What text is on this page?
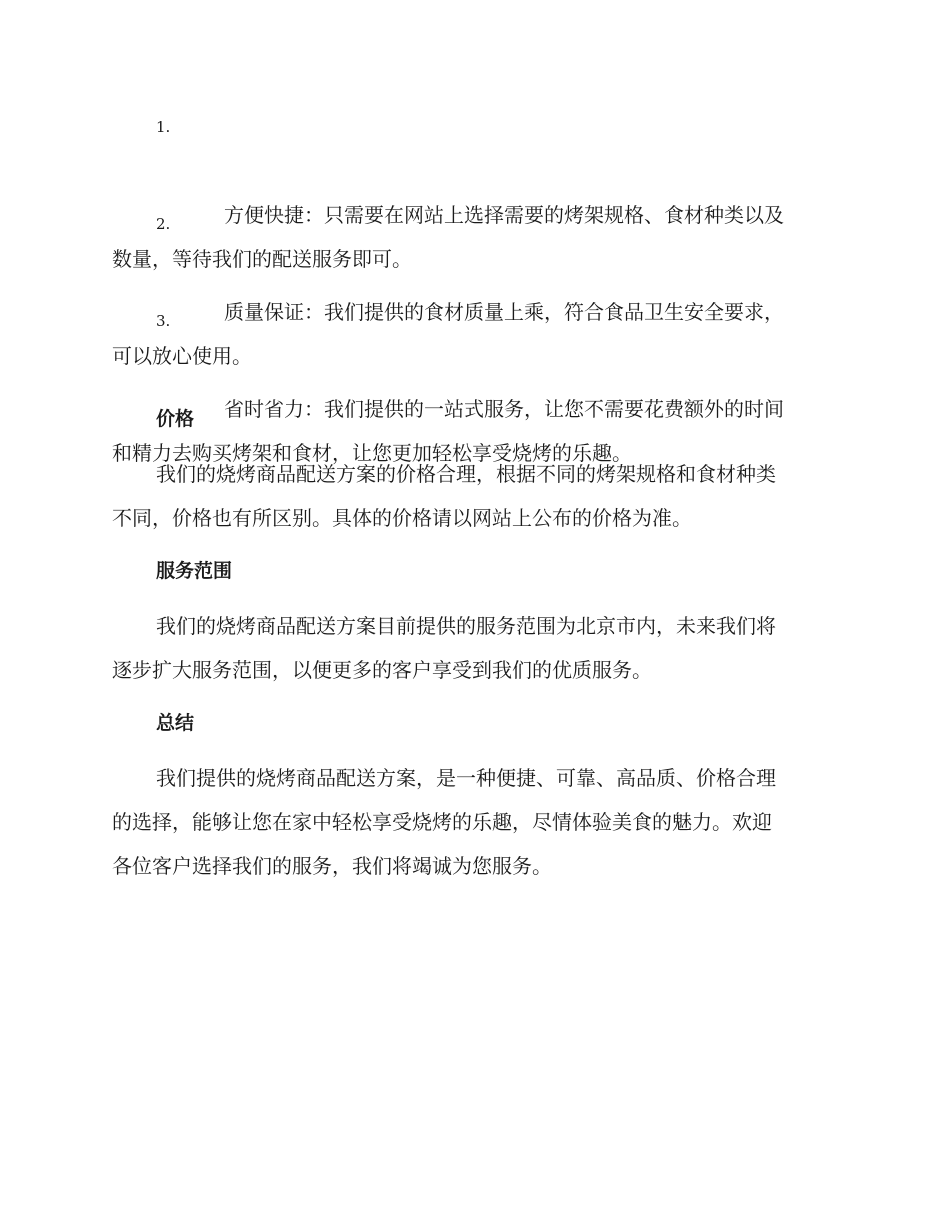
1.

方便快捷：只需要在网站上选择需要的烤架规格、食材种类以及
数量，等待我们的配送服务即可。

2.

质量保证：我们提供的食材质量上乘，符合食品卫生安全要求，
可以放心使用。

3.

省时省力：我们提供的一站式服务，让您不需要花费额外的时间
和精力去购买烤架和食材，让您更加轻松享受烧烤的乐趣。

价格
我们的烧烤商品配送方案的价格合理，根据不同的烤架规格和食材种类
不同，价格也有所区别。具体的价格请以网站上公布的价格为准。
服务范围
我们的烧烤商品配送方案目前提供的服务范围为北京市内，未来我们将
逐步扩大服务范围，以便更多的客户享受到我们的优质服务。
总结
我们提供的烧烤商品配送方案，是一种便捷、可靠、高品质、价格合理
的选择，能够让您在家中轻松享受烧烤的乐趣，尽情体验美食的魅力。欢迎
各位客户选择我们的服务，我们将竭诚为您服务。
